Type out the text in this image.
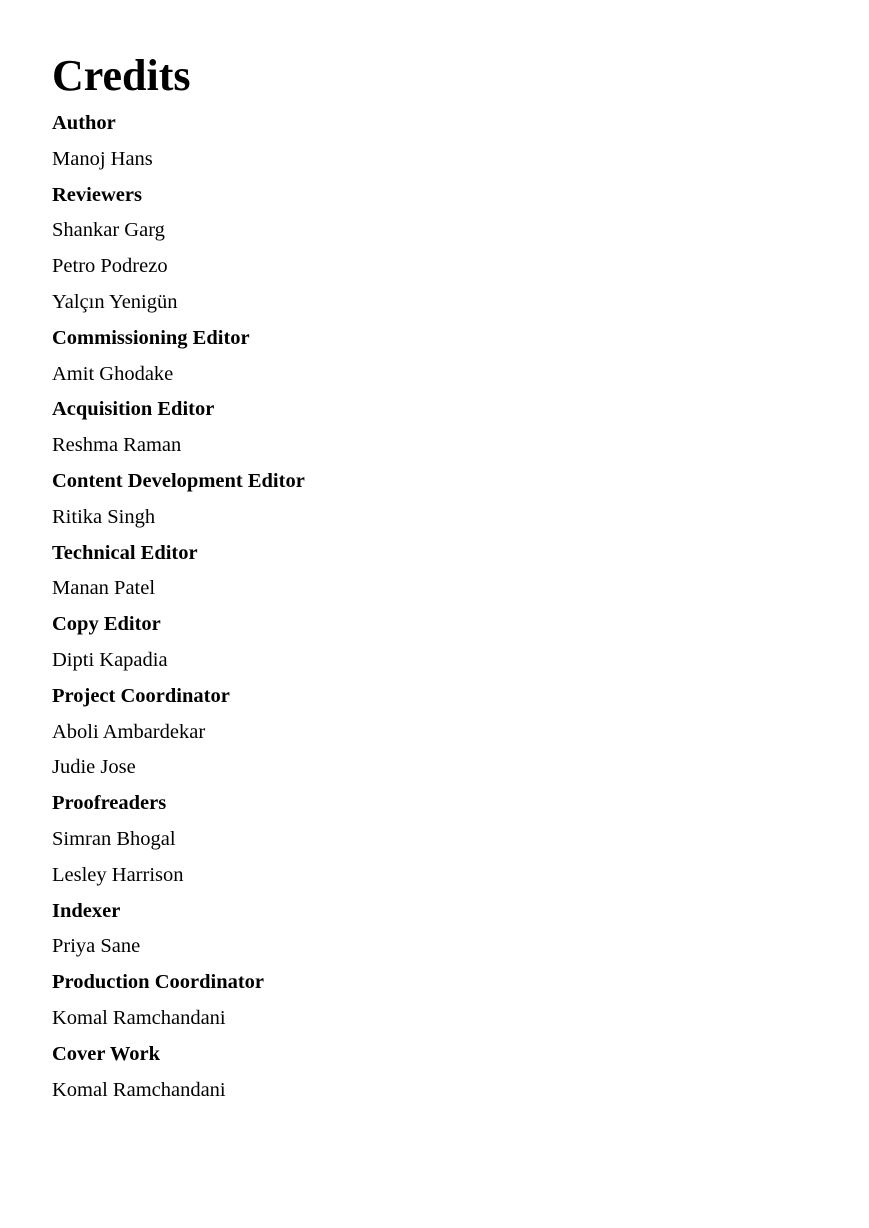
Credits
Author
Manoj Hans
Reviewers
Shankar Garg
Petro Podrezo
Yalçın Yenigün
Commissioning Editor
Amit Ghodake
Acquisition Editor
Reshma Raman
Content Development Editor
Ritika Singh
Technical Editor
Manan Patel
Copy Editor
Dipti Kapadia
Project Coordinator
Aboli Ambardekar
Judie Jose
Proofreaders
Simran Bhogal
Lesley Harrison
Indexer
Priya Sane
Production Coordinator
Komal Ramchandani
Cover Work
Komal Ramchandani
